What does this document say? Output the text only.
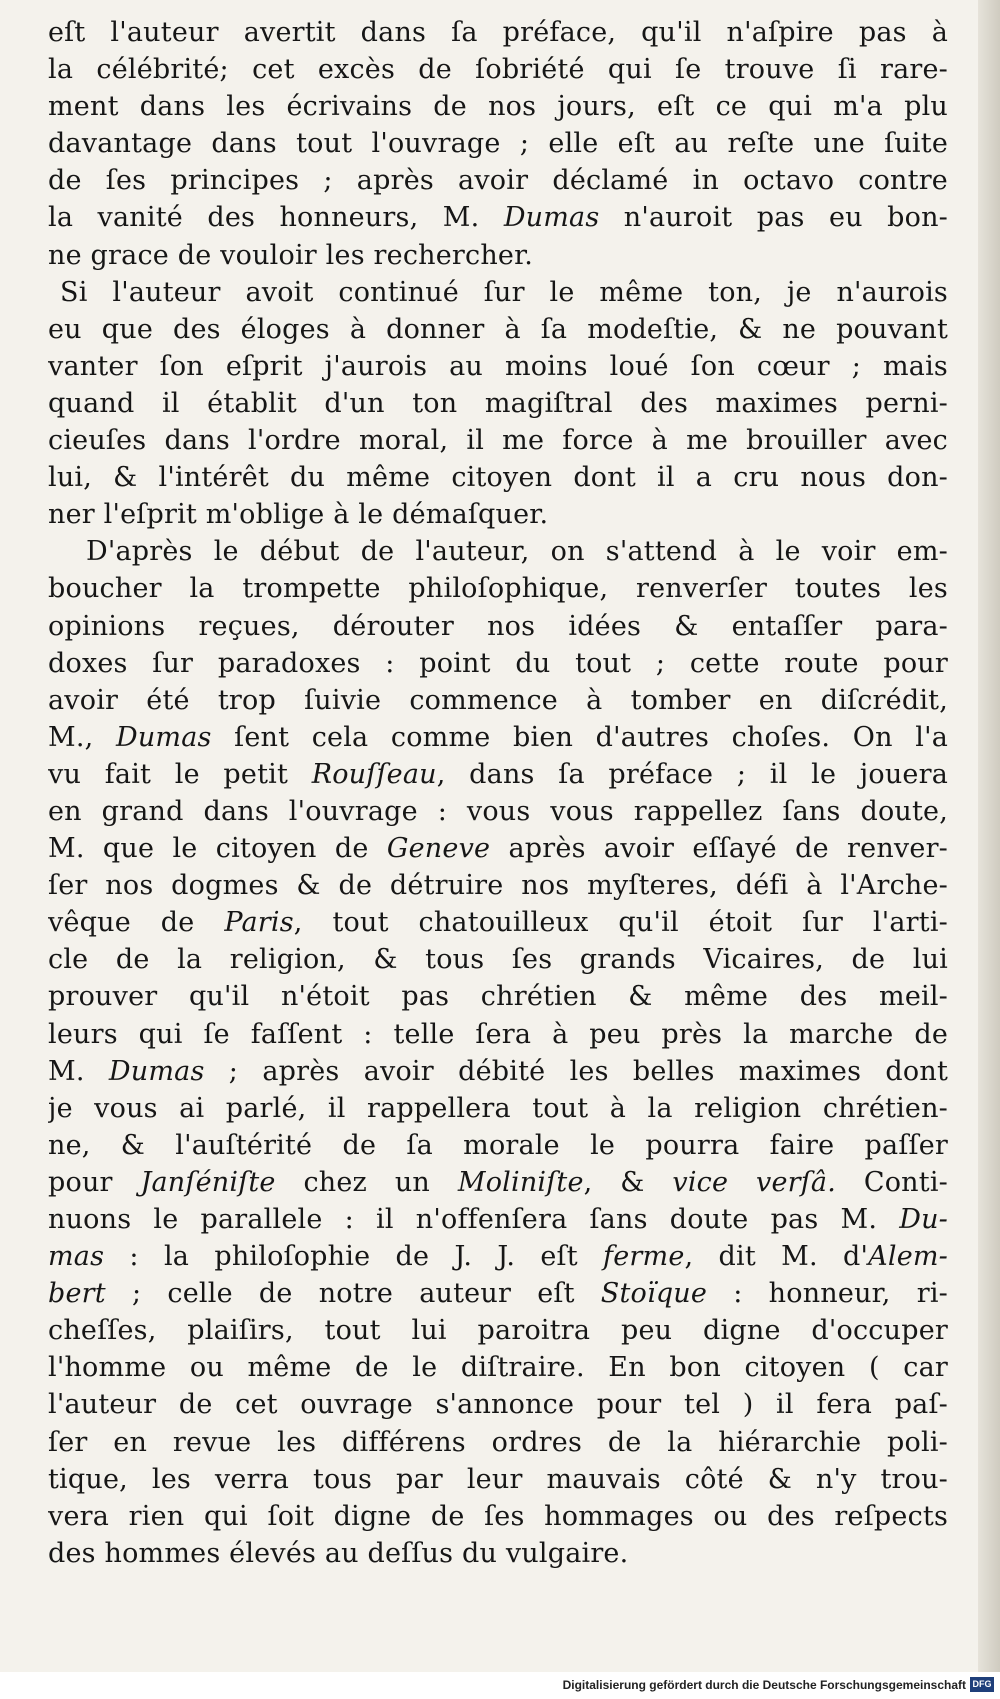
eſt l'auteur avertit dans ſa préface, qu'il n'aſpire pas à
la célébrité; cet excès de ſobriété qui ſe trouve ſi rare-
ment dans les écrivains de nos jours, eſt ce qui m'a plu
davantage dans tout l'ouvrage ; elle eſt au reſte une ſuite
de ſes principes ; après avoir déclamé in octavo contre
la vanité des honneurs, M. Dumas n'auroit pas eu bon-
ne grace de vouloir les rechercher.
Si l'auteur avoit continué ſur le même ton, je n'aurois
eu que des éloges à donner à ſa modeſtie, & ne pouvant
vanter ſon eſprit j'aurois au moins loué ſon cœur ; mais
quand il établit d'un ton magiſtral des maximes perni-
cieuſes dans l'ordre moral, il me force à me brouiller avec
lui, & l'intérêt du même citoyen dont il a cru nous don-
ner l'eſprit m'oblige à le démaſquer.
D'après le début de l'auteur, on s'attend à le voir em-
boucher la trompette philoſophique, renverſer toutes les
opinions reçues, dérouter nos idées & entaſſer para-
doxes ſur paradoxes : point du tout ; cette route pour
avoir été trop ſuivie commence à tomber en diſcrédit,
M., Dumas ſent cela comme bien d'autres choſes. On l'a
vu fait le petit Rouſſeau, dans ſa préface ; il le jouera
en grand dans l'ouvrage : vous vous rappellez ſans doute,
M. que le citoyen de Geneve après avoir eſſayé de renver-
ſer nos dogmes & de détruire nos myſteres, défi à l'Arche-
vêque de Paris, tout chatouilleux qu'il étoit ſur l'arti-
cle de la religion, & tous ſes grands Vicaires, de lui
prouver qu'il n'étoit pas chrétien & même des meil-
leurs qui ſe faſſent : telle ſera à peu près la marche de
M. Dumas ; après avoir débité les belles maximes dont
je vous ai parlé, il rappellera tout à la religion chrétien-
ne, & l'auſtérité de ſa morale le pourra faire paſſer
pour Janſéniſte chez un Moliniſte, & vice verſâ. Conti-
nuons le parallele : il n'offenſera ſans doute pas M. Du-
mas : la philoſophie de J. J. eſt ferme, dit M. d'Alem-
bert ; celle de notre auteur eſt Stoïque : honneur, ri-
cheſſes, plaiſirs, tout lui paroitra peu digne d'occuper
l'homme ou même de le diſtraire. En bon citoyen ( car
l'auteur de cet ouvrage s'annonce pour tel ) il fera paſ-
ſer en revue les différens ordres de la hiérarchie poli-
tique, les verra tous par leur mauvais côté & n'y trou-
vera rien qui ſoit digne de ſes hommages ou des reſpects
des hommes élevés au deſſus du vulgaire.
Digitalisierung gefördert durch die Deutsche Forschungsgemeinschaft DFG
